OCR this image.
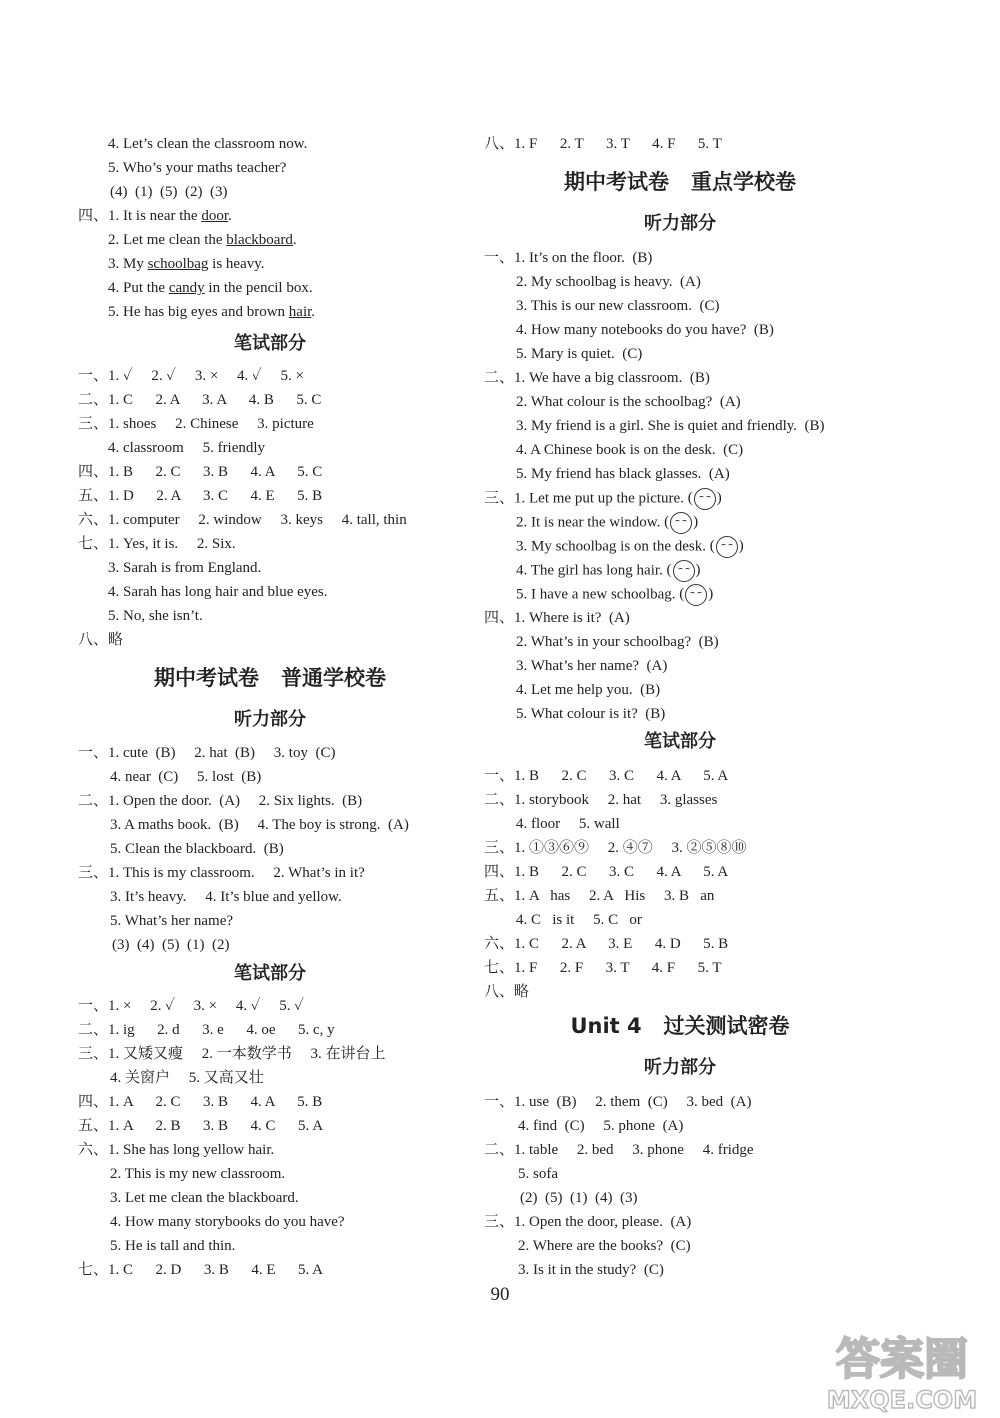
4. Let’s clean the classroom now.
5. Who’s your maths teacher?
(4)  (1)  (5)  (2)  (3)
四、1. It is near the door.
2. Let me clean the blackboard.
3. My schoolbag is heavy.
4. Put the candy in the pencil box.
5. He has big eyes and brown hair.
一、1. ✓     2. ✓     3. ×     4. ✓     5. ×
二、1. C      2. A      3. A      4. B      5. C
三、1. shoes     2. Chinese     3. picture
4. classroom     5. friendly
四、1. B      2. C      3. B      4. A      5. C
五、1. D      2. A      3. C      4. E      5. B
六、1. computer     2. window     3. keys     4. tall, thin
七、1. Yes, it is.     2. Six.
3. Sarah is from England.
4. Sarah has long hair and blue eyes.
5. No, she isn’t.
八、略
一、1. cute  (B)     2. hat  (B)     3. toy  (C)
4. near  (C)     5. lost  (B)
二、1. Open the door.  (A)     2. Six lights.  (B)
3. A maths book.  (B)     4. The boy is strong.  (A)
5. Clean the blackboard.  (B)
三、1. This is my classroom.     2. What’s in it?
3. It’s heavy.     4. It’s blue and yellow.
5. What’s her name?
(3)  (4)  (5)  (1)  (2)
一、1. ×     2. ✓     3. ×     4. ✓     5. ✓
二、1. ig      2. d      3. e      4. oe      5. c, y
三、1. 又矮又瘦     2. 一本数学书     3. 在讲台上
4. 关窗户     5. 又高又壮
四、1. A      2. C      3. B      4. A      5. B
五、1. A      2. B      3. B      4. C      5. A
六、1. She has long yellow hair.
2. This is my new classroom.
3. Let me clean the blackboard.
4. How many storybooks do you have?
5. He is tall and thin.
七、1. C      2. D      3. B      4. E      5. A
笔试部分
期中考试卷   普通学校卷
听力部分
笔试部分
八、1. F      2. T      3. T      4. F      5. T
一、1. It’s on the floor.  (B)
2. My schoolbag is heavy.  (A)
3. This is our new classroom.  (C)
4. How many notebooks do you have?  (B)
5. Mary is quiet.  (C)
二、1. We have a big classroom.  (B)
2. What colour is the schoolbag?  (A)
3. My friend is a girl. She is quiet and friendly.  (B)
4. A Chinese book is on the desk.  (C)
5. My friend has black glasses.  (A)
三、1. Let me put up the picture. ( )
2. It is near the window. ( )
3. My schoolbag is on the desk. ( )
4. The girl has long hair. ( )
5. I have a new schoolbag. ( )
四、1. Where is it?  (A)
2. What’s in your schoolbag?  (B)
3. What’s her name?  (A)
4. Let me help you.  (B)
5. What colour is it?  (B)
一、1. B      2. C      3. C      4. A      5. A
二、1. storybook     2. hat     3. glasses
4. floor     5. wall
三、1. ①③⑥⑨     2. ④⑦     3. ②⑤⑧⑩
四、1. B      2. C      3. C      4. A      5. A
五、1. A   has     2. A   His     3. B   an
4. C   is it     5. C   or
六、1. C      2. A      3. E      4. D      5. B
七、1. F      2. F      3. T      4. F      5. T
八、略
一、1. use  (B)     2. them  (C)     3. bed  (A)
4. find  (C)     5. phone  (A)
二、1. table     2. bed     3. phone     4. fridge
5. sofa
(2)  (5)  (1)  (4)  (3)
三、1. Open the door, please.  (A)
2. Where are the books?  (C)
3. Is it in the study?  (C)
期中考试卷   重点学校卷
听力部分
笔试部分
Unit 4   过关测试密卷
听力部分
90
答案圈
MXQE.COM
